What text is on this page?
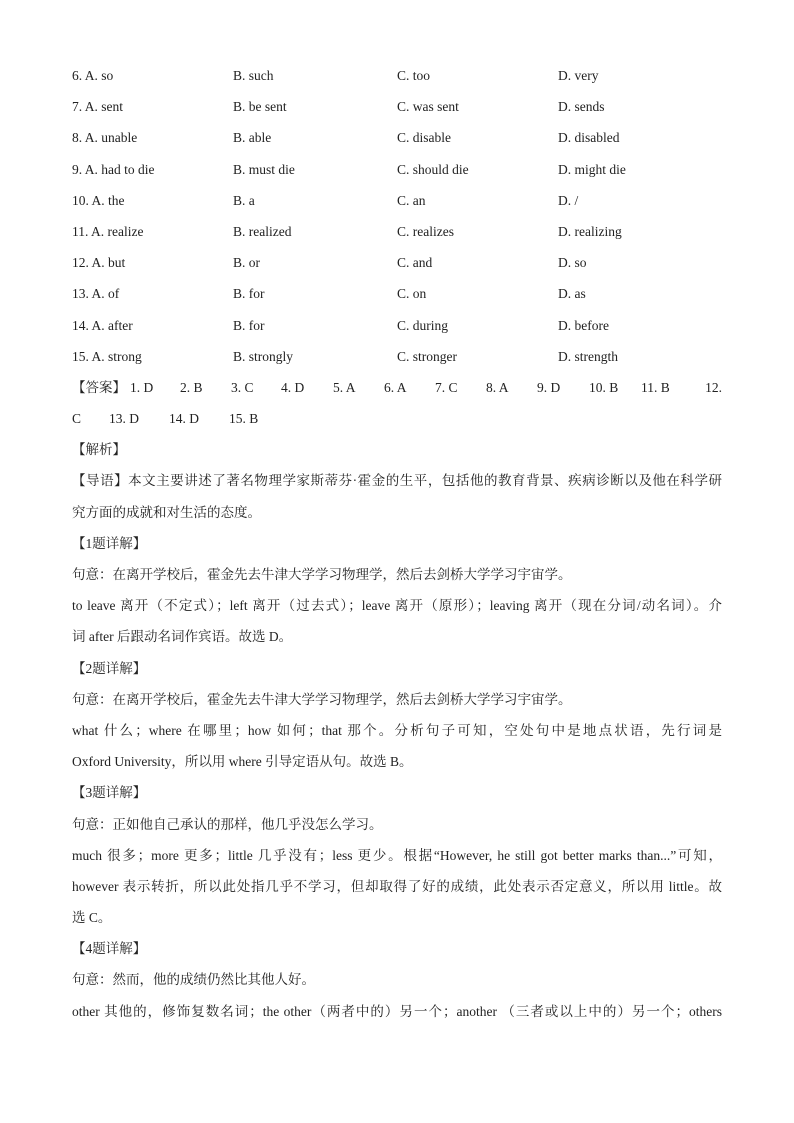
6. A. so	B. such	C. too	D. very
7. A. sent	B. be sent	C. was sent	D. sends
8. A. unable	B. able	C. disable	D. disabled
9. A. had to die	B. must die	C. should die	D. might die
10. A. the	B. a	C. an	D. /
11. A. realize	B. realized	C. realizes	D. realizing
12. A. but	B. or	C. and	D. so
13. A. of	B. for	C. on	D. as
14. A. after	B. for	C. during	D. before
15. A. strong	B. strongly	C. stronger	D. strength
【答案】 1. D 2. B 3. C 4. D 5. A 6. A 7. C 8. A 9. D 10. B 11. B	12.
C 13. D 14. D 15. B
【解析】
【导语】本文主要讲述了著名物理学家斯蒂芬·霍金的生平，包括他的教育背景、疾病诊断以及他在科学研
究方面的成就和对生活的态度。
【1题详解】
句意：在离开学校后，霍金先去牛津大学学习物理学，然后去剑桥大学学习宇宙学。
to leave 离开（不定式）；left 离开（过去式）；leave 离开（原形）；leaving 离开（现在分词/动名词）。介
词 after 后跟动名词作宾语。故选 D。
【2题详解】
句意：在离开学校后，霍金先去牛津大学学习物理学，然后去剑桥大学学习宇宙学。
what 什么；where 在哪里；how 如何；that 那个。分析句子可知，空处句中是地点状语，先行词是
Oxford University，所以用 where 引导定语从句。故选 B。
【3题详解】
句意：正如他自己承认的那样，他几乎没怎么学习。
much 很多；more 更多；little 几乎没有；less 更少。根据“However, he still got better marks than...”可知，
however 表示转折，所以此处指几乎不学习，但却取得了好的成绩，此处表示否定意义，所以用 little。故
选 C。
【4题详解】
句意：然而，他的成绩仍然比其他人好。
other 其他的，修饰复数名词；the other（两者中的）另一个；another （三者或以上中的）另一个；others
